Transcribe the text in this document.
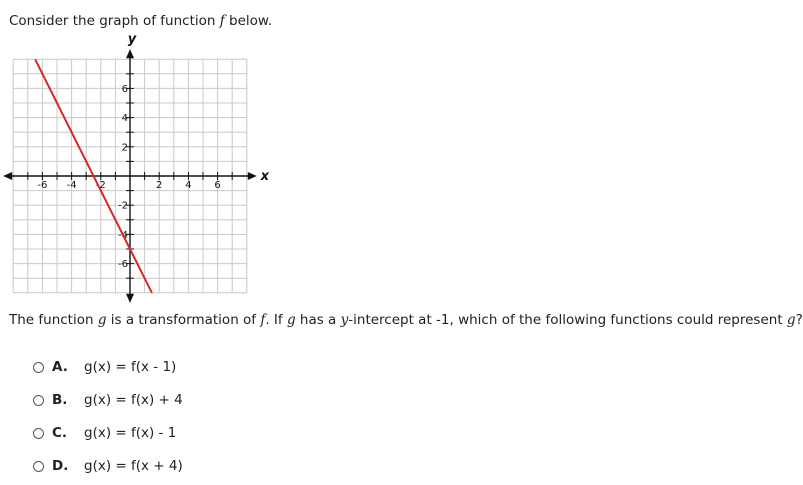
Consider the graph of function f below.
-6 -4 -2	2 4 6
6
4
2
-2
-4
-6
y
x
The function g is a transformation of f. If g has a y-intercept at -1, which of the following functions could represent g?
A.	g(x) = f(x - 1)
B.	g(x) = f(x) + 4
C.	g(x) = f(x) - 1
D.	g(x) = f(x + 4)
